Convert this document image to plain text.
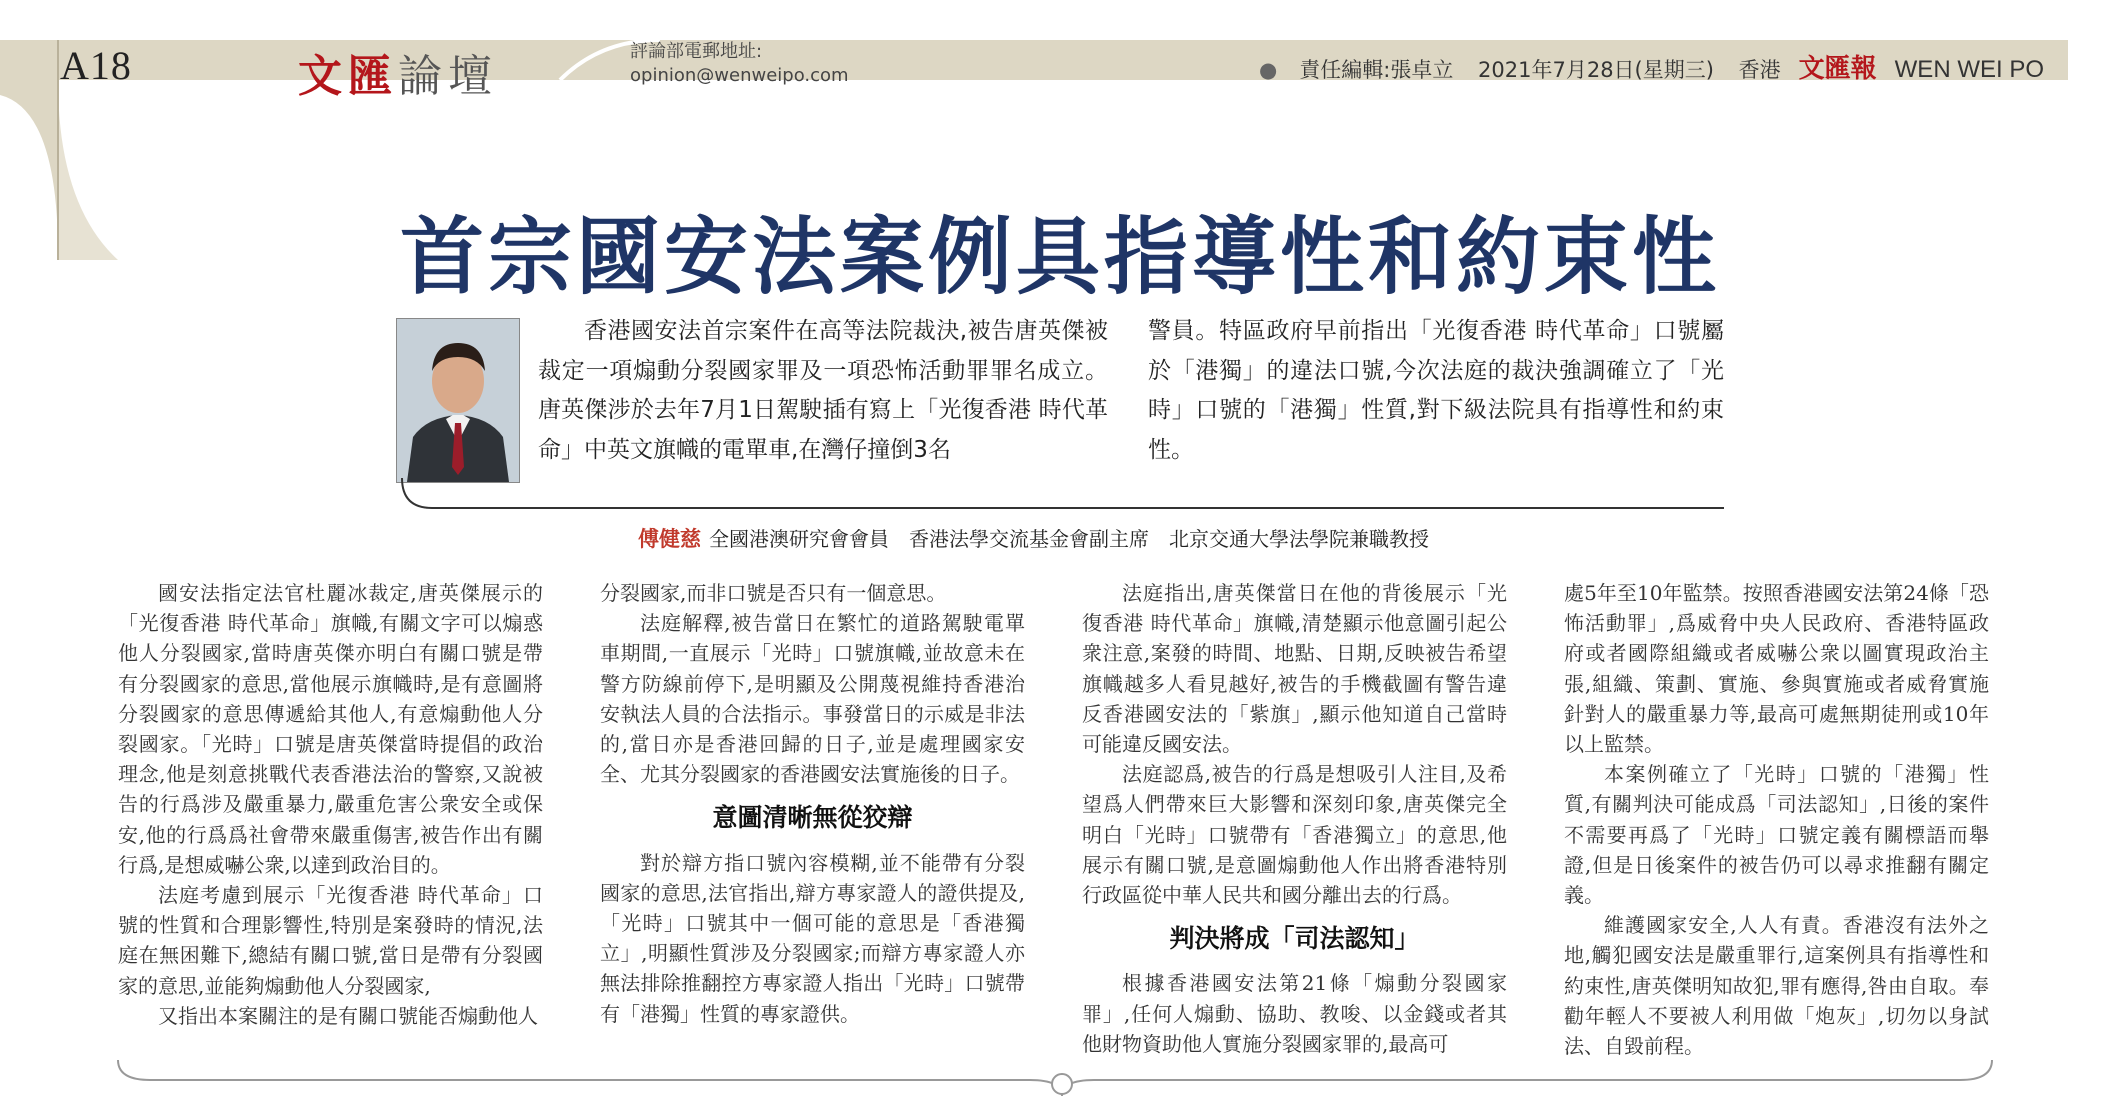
A18	文匯論壇	評論部電郵地址:
opinion@wenweipo.com	● 責任編輯:張卓立 2021年7月28日(星期三) 香港 文匯報 WEN WEI PO
首宗國安法案例具指導性和約束性
香港國安法首宗案件在高等法院裁決,被告唐英傑被裁定一項煽動分裂國家罪及一項恐怖活動罪罪名成立。唐英傑涉於去年7月1日駕駛插有寫上「光復香港 時代革命」中英文旗幟的電單車,在灣仔撞倒3名
警員。特區政府早前指出「光復香港 時代革命」口號屬於「港獨」的違法口號,今次法庭的裁決強調確立了「光時」口號的「港獨」性質,對下級法院具有指導性和約束性。
傅健慈 全國港澳研究會會員　香港法學交流基金會副主席　北京交通大學法學院兼職教授

國安法指定法官杜麗冰裁定,唐英傑展示的「光復香港 時代革命」旗幟,有關文字可以煽惑他人分裂國家,當時唐英傑亦明白有關口號是帶有分裂國家的意思,當他展示旗幟時,是有意圖將分裂國家的意思傳遞給其他人,有意煽動他人分裂國家。「光時」口號是唐英傑當時提倡的政治理念,他是刻意挑戰代表香港法治的警察,又說被告的行爲涉及嚴重暴力,嚴重危害公衆安全或保安,他的行爲爲社會帶來嚴重傷害,被告作出有關行爲,是想威嚇公衆,以達到政治目的。

法庭考慮到展示「光復香港 時代革命」口號的性質和合理影響性,特別是案發時的情況,法庭在無困難下,總結有關口號,當日是帶有分裂國家的意思,並能夠煽動他人分裂國家,

又指出本案關注的是有關口號能否煽動他人

分裂國家,而非口號是否只有一個意思。

法庭解釋,被告當日在繁忙的道路駕駛電單車期間,一直展示「光時」口號旗幟,並故意未在警方防線前停下,是明顯及公開蔑視維持香港治安執法人員的合法指示。事發當日的示威是非法的,當日亦是香港回歸的日子,並是處理國家安全、尤其分裂國家的香港國安法實施後的日子。

意圖清晰無從狡辯

對於辯方指口號內容模糊,並不能帶有分裂國家的意思,法官指出,辯方專家證人的證供提及,「光時」口號其中一個可能的意思是「香港獨立」,明顯性質涉及分裂國家;而辯方專家證人亦無法排除推翻控方專家證人指出「光時」口號帶有「港獨」性質的專家證供。

法庭指出,唐英傑當日在他的背後展示「光復香港 時代革命」旗幟,清楚顯示他意圖引起公衆注意,案發的時間、地點、日期,反映被告希望旗幟越多人看見越好,被告的手機截圖有警告違反香港國安法的「紫旗」,顯示他知道自己當時可能違反國安法。

法庭認爲,被告的行爲是想吸引人注目,及希望爲人們帶來巨大影響和深刻印象,唐英傑完全明白「光時」口號帶有「香港獨立」的意思,他展示有關口號,是意圖煽動他人作出將香港特別行政區從中華人民共和國分離出去的行爲。

判決將成「司法認知」

根據香港國安法第21條「煽動分裂國家罪」,任何人煽動、協助、教唆、以金錢或者其他財物資助他人實施分裂國家罪的,最高可

處5年至10年監禁。按照香港國安法第24條「恐怖活動罪」,爲威脅中央人民政府、香港特區政府或者國際組織或者威嚇公衆以圖實現政治主張,組織、策劃、實施、參與實施或者威脅實施針對人的嚴重暴力等,最高可處無期徒刑或10年以上監禁。

本案例確立了「光時」口號的「港獨」性質,有關判決可能成爲「司法認知」,日後的案件不需要再爲了「光時」口號定義有關標語而舉證,但是日後案件的被告仍可以尋求推翻有關定義。

維護國家安全,人人有責。香港沒有法外之地,觸犯國安法是嚴重罪行,這案例具有指導性和約束性,唐英傑明知故犯,罪有應得,咎由自取。奉勸年輕人不要被人利用做「炮灰」,切勿以身試法、自毀前程。
